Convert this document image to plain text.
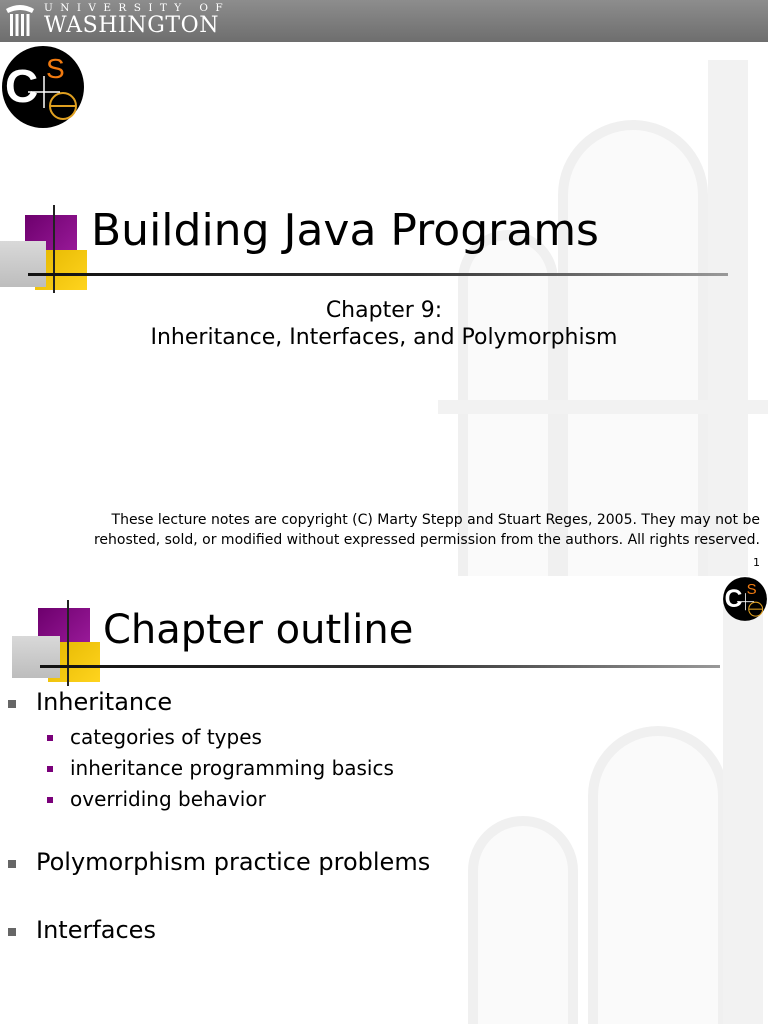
UNIVERSITY OF
WASHINGTON
C S
Building Java Programs
Chapter 9:
Inheritance, Interfaces, and Polymorphism
These lecture notes are copyright (C) Marty Stepp and Stuart Reges, 2005. They may not be
rehosted, sold, or modified without expressed permission from the authors. All rights reserved.
1
C S
Chapter outline
Inheritance
categories of types
inheritance programming basics
overriding behavior
Polymorphism practice problems
Interfaces
